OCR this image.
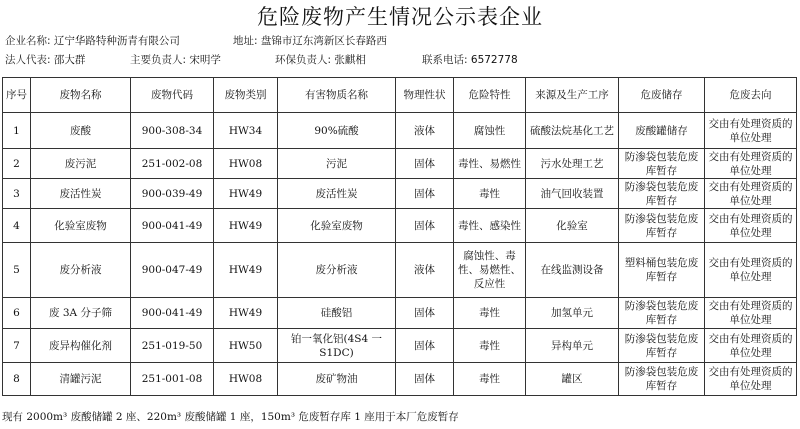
危险废物产生情况公示表企业
企业名称: 辽宁华路特种沥青有限公司	地址: 盘锦市辽东湾新区长春路西
法人代表: 邵大群	主要负责人: 宋明学	环保负责人: 张麒相	联系电话: 6572778
序号	废物名称	废物代码	废物类别	有害物质名称	物理性状	危险特性	来源及生产工序	危废储存	危废去向
1	废酸	900-308-34	HW34	90%硫酸	液体	腐蚀性	硫酸法烷基化工艺	废酸罐储存	交由有处理资质的单位处理
2	废污泥	251-002-08	HW08	污泥	固体	毒性、易燃性	污水处理工艺	防渗袋包装危废库暂存	交由有处理资质的单位处理
3	废活性炭	900-039-49	HW49	废活性炭	固体	毒性	油气回收装置	防渗袋包装危废库暂存	交由有处理资质的单位处理
4	化验室废物	900-041-49	HW49	化验室废物	固体	毒性、感染性	化验室	防渗袋包装危废库暂存	交由有处理资质的单位处理
5	废分析液	900-047-49	HW49	废分析液	液体	腐蚀性、毒性、易燃性、反应性	在线监测设备	塑料桶包装危废库暂存	交由有处理资质的单位处理
6	废 3A 分子筛	900-041-49	HW49	硅酸铝	固体	毒性	加氢单元	防渗袋包装危废库暂存	交由有处理资质的单位处理
7	废异构催化剂	251-019-50	HW50	铂一氧化铝(4S4 一 S1DC)	固体	毒性	异构单元	防渗袋包装危废库暂存	交由有处理资质的单位处理
8	清罐污泥	251-001-08	HW08	废矿物油	固体	毒性	罐区	防渗袋包装危废库暂存	交由有处理资质的单位处理
现有 2000m³ 废酸储罐 2 座、220m³ 废酸储罐 1 座，150m³ 危废暂存库 1 座用于本厂危废暂存
